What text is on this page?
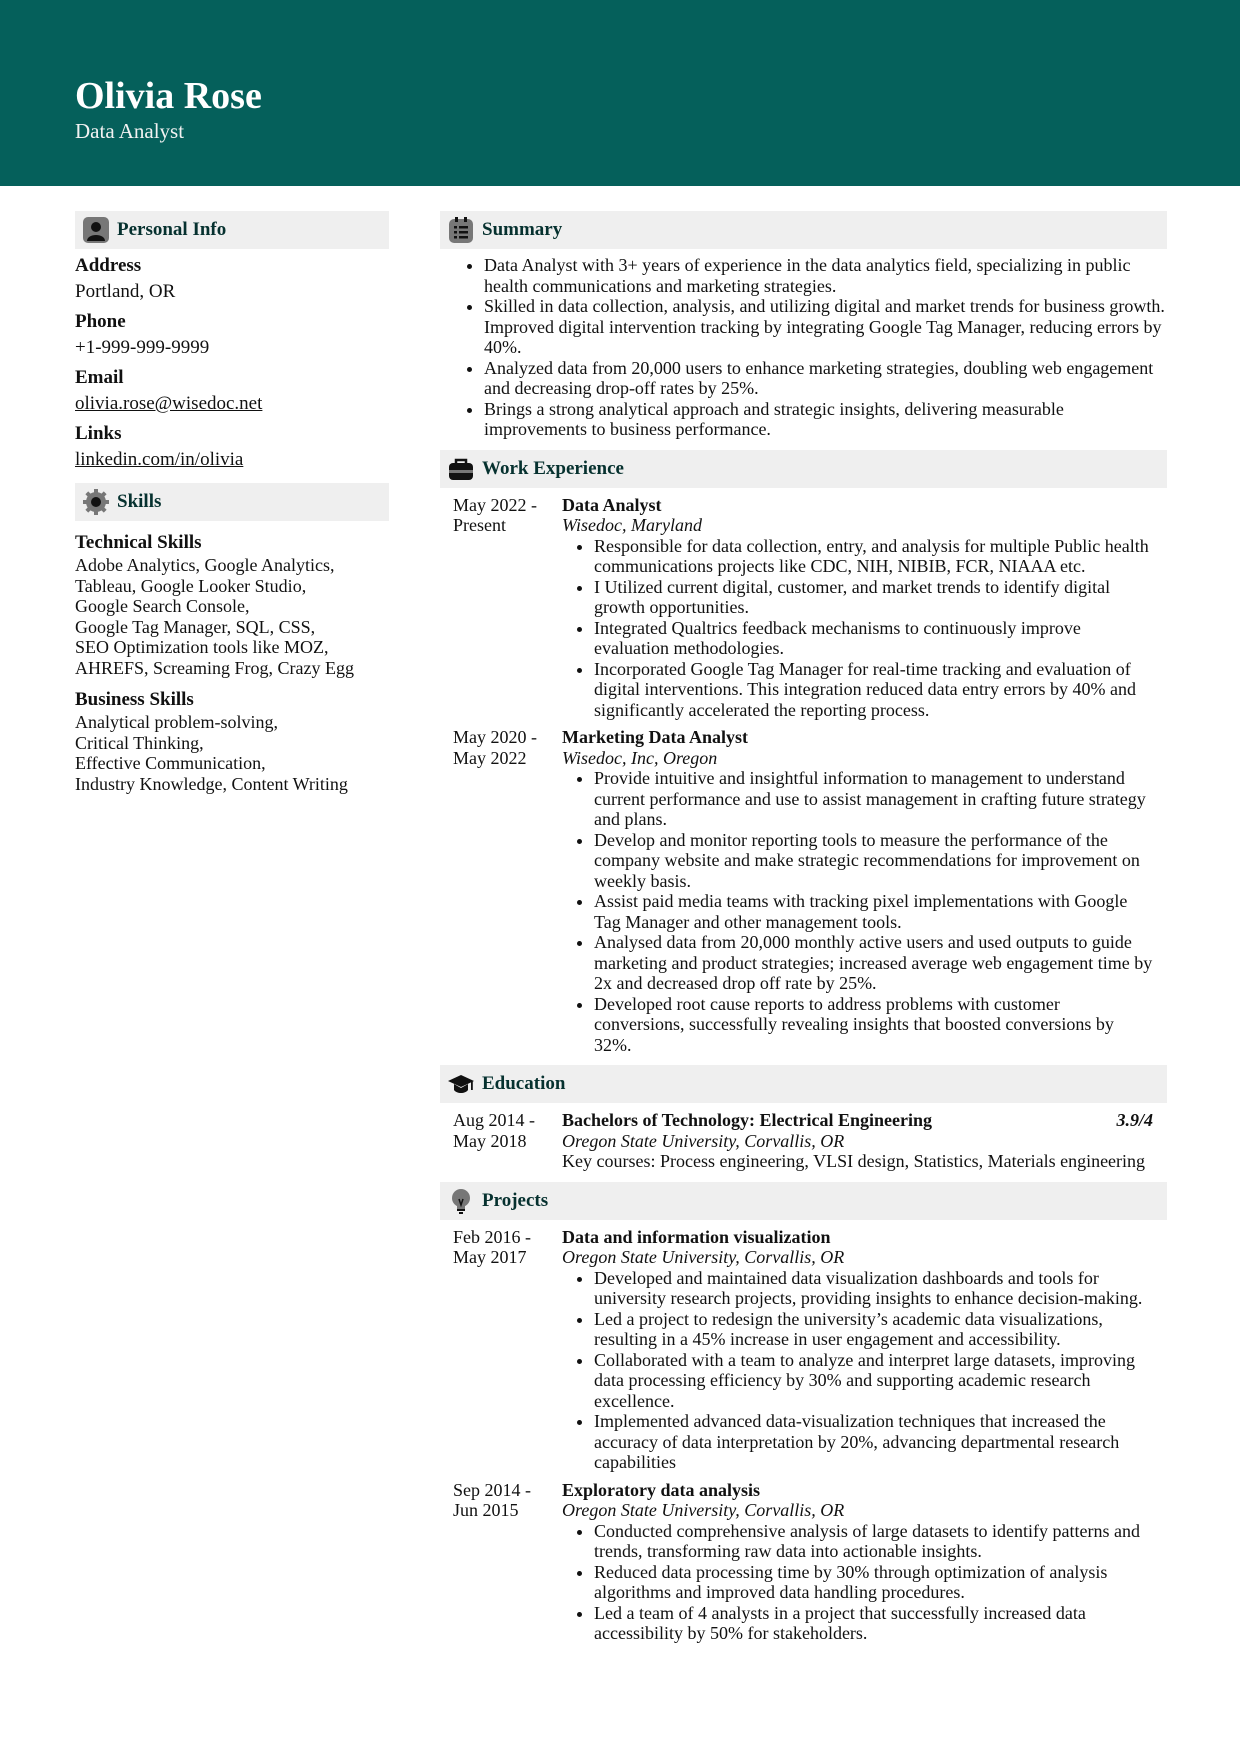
Olivia Rose
Data Analyst
Personal Info
Address
Portland, OR
Phone
+1-999-999-9999
Email
olivia.rose@wisedoc.net
Links
linkedin.com/in/olivia
Skills
Technical Skills
Adobe Analytics, Google Analytics,
Tableau, Google Looker Studio,
Google Search Console,
Google Tag Manager, SQL, CSS,
SEO Optimization tools like MOZ,
AHREFS, Screaming Frog, Crazy Egg
Business Skills
Analytical problem-solving,
Critical Thinking,
Effective Communication,
Industry Knowledge, Content Writing
Summary
• Data Analyst with 3+ years of experience in the data analytics field, specializing in public health communications and marketing strategies.
• Skilled in data collection, analysis, and utilizing digital and market trends for business growth. Improved digital intervention tracking by integrating Google Tag Manager, reducing errors by 40%.
• Analyzed data from 20,000 users to enhance marketing strategies, doubling web engagement and decreasing drop-off rates by 25%.
• Brings a strong analytical approach and strategic insights, delivering measurable improvements to business performance.
Work Experience
May 2022 -
Present
Data Analyst
Wisedoc, Maryland
• Responsible for data collection, entry, and analysis for multiple Public health communications projects like CDC, NIH, NIBIB, FCR, NIAAA etc.
• I Utilized current digital, customer, and market trends to identify digital growth opportunities.
• Integrated Qualtrics feedback mechanisms to continuously improve evaluation methodologies.
• Incorporated Google Tag Manager for real-time tracking and evaluation of digital interventions. This integration reduced data entry errors by 40% and significantly accelerated the reporting process.
May 2020 -
May 2022
Marketing Data Analyst
Wisedoc, Inc, Oregon
• Provide intuitive and insightful information to management to understand current performance and use to assist management in crafting future strategy and plans.
• Develop and monitor reporting tools to measure the performance of the company website and make strategic recommendations for improvement on weekly basis.
• Assist paid media teams with tracking pixel implementations with Google Tag Manager and other management tools.
• Analysed data from 20,000 monthly active users and used outputs to guide marketing and product strategies; increased average web engagement time by 2x and decreased drop off rate by 25%.
• Developed root cause reports to address problems with customer conversions, successfully revealing insights that boosted conversions by 32%.
Education
Aug 2014 -
May 2018
Bachelors of Technology: Electrical Engineering	3.9/4
Oregon State University, Corvallis, OR
Key courses: Process engineering, VLSI design, Statistics, Materials engineering
Projects
Feb 2016 -
May 2017
Data and information visualization
Oregon State University, Corvallis, OR
• Developed and maintained data visualization dashboards and tools for university research projects, providing insights to enhance decision-making.
• Led a project to redesign the university’s academic data visualizations, resulting in a 45% increase in user engagement and accessibility.
• Collaborated with a team to analyze and interpret large datasets, improving data processing efficiency by 30% and supporting academic research excellence.
• Implemented advanced data-visualization techniques that increased the accuracy of data interpretation by 20%, advancing departmental research capabilities
Sep 2014 -
Jun 2015
Exploratory data analysis
Oregon State University, Corvallis, OR
• Conducted comprehensive analysis of large datasets to identify patterns and trends, transforming raw data into actionable insights.
• Reduced data processing time by 30% through optimization of analysis algorithms and improved data handling procedures.
• Led a team of 4 analysts in a project that successfully increased data accessibility by 50% for stakeholders.
